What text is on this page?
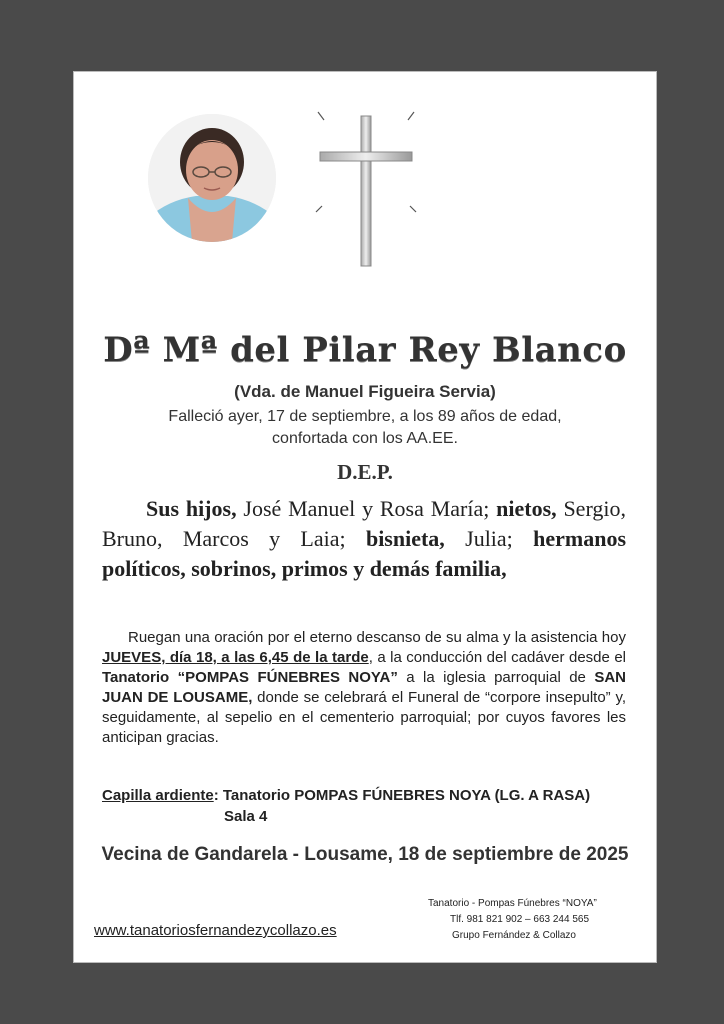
Dª Mª del Pilar Rey Blanco
(Vda. de Manuel Figueira Servia)
Falleció ayer, 17 de septiembre, a los 89 años de edad,
confortada con los AA.EE.
D.E.P.
Sus hijos, José Manuel y Rosa María; nietos, Sergio, Bruno, Marcos y Laia; bisnieta, Julia; hermanos políticos, sobrinos, primos y demás familia,
Ruegan una oración por el eterno descanso de su alma y la asistencia hoy JUEVES, día 18, a las 6,45 de la tarde, a la conducción del cadáver desde el Tanatorio “POMPAS FÚNEBRES NOYA” a la iglesia parroquial de SAN JUAN DE LOUSAME, donde se celebrará el Funeral de “corpore insepulto” y, seguidamente, al sepelio en el cementerio parroquial; por cuyos favores les anticipan gracias.
Capilla ardiente: Tanatorio POMPAS FÚNEBRES NOYA (LG. A RASA)
Sala 4
Vecina de Gandarela - Lousame, 18 de septiembre de 2025
Tanatorio - Pompas Fúnebres “NOYA”
Tlf. 981 821 902 – 663 244 565
Grupo Fernández & Collazo
www.tanatoriosfernandezycollazo.es
